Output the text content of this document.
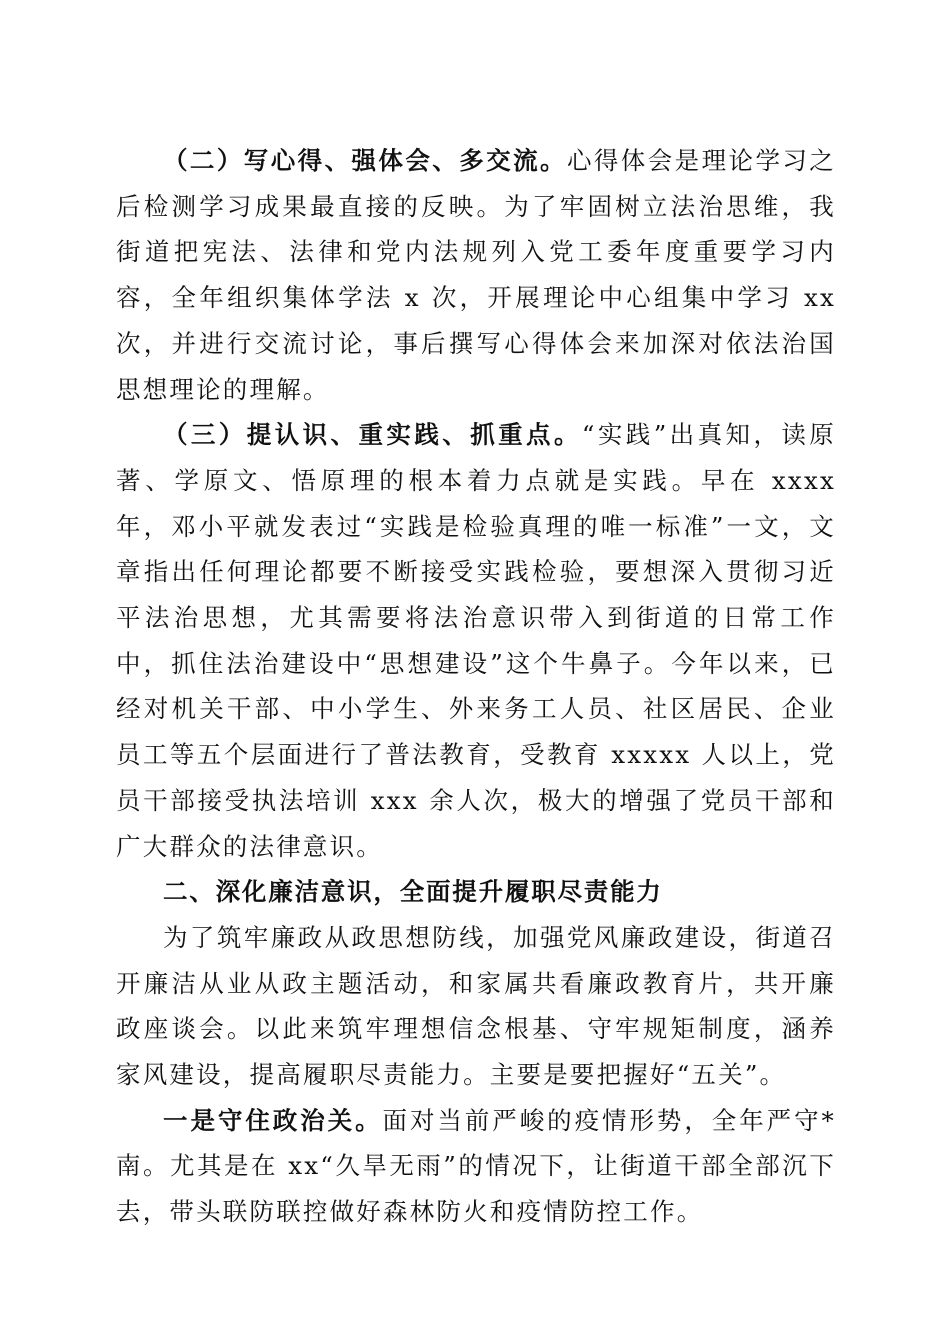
（二）写心得、强体会、多交流。心得体会是理论学习之后检测学习成果最直接的反映。为了牢固树立法治思维，我街道把宪法、法律和党内法规列入党工委年度重要学习内容，全年组织集体学法 x 次，开展理论中心组集中学习 xx 次，并进行交流讨论，事后撰写心得体会来加深对依法治国思想理论的理解。

（三）提认识、重实践、抓重点。“实践”出真知，读原著、学原文、悟原理的根本着力点就是实践。早在 xxxx 年，邓小平就发表过“实践是检验真理的唯一标准”一文，文章指出任何理论都要不断接受实践检验，要想深入贯彻习近平法治思想，尤其需要将法治意识带入到街道的日常工作中，抓住法治建设中“思想建设”这个牛鼻子。今年以来，已经对机关干部、中小学生、外来务工人员、社区居民、企业员工等五个层面进行了普法教育，受教育 xxxxx 人以上，党员干部接受执法培训 xxx 余人次，极大的增强了党员干部和广大群众的法律意识。

二、深化廉洁意识，全面提升履职尽责能力

为了筑牢廉政从政思想防线，加强党风廉政建设，街道召开廉洁从业从政主题活动，和家属共看廉政教育片，共开廉政座谈会。以此来筑牢理想信念根基、守牢规矩制度，涵养家风建设，提高履职尽责能力。主要是要把握好“五关”。

一是守住政治关。面对当前严峻的疫情形势，全年严守*南。尤其是在 xx“久旱无雨”的情况下，让街道干部全部沉下去，带头联防联控做好森林防火和疫情防控工作。
